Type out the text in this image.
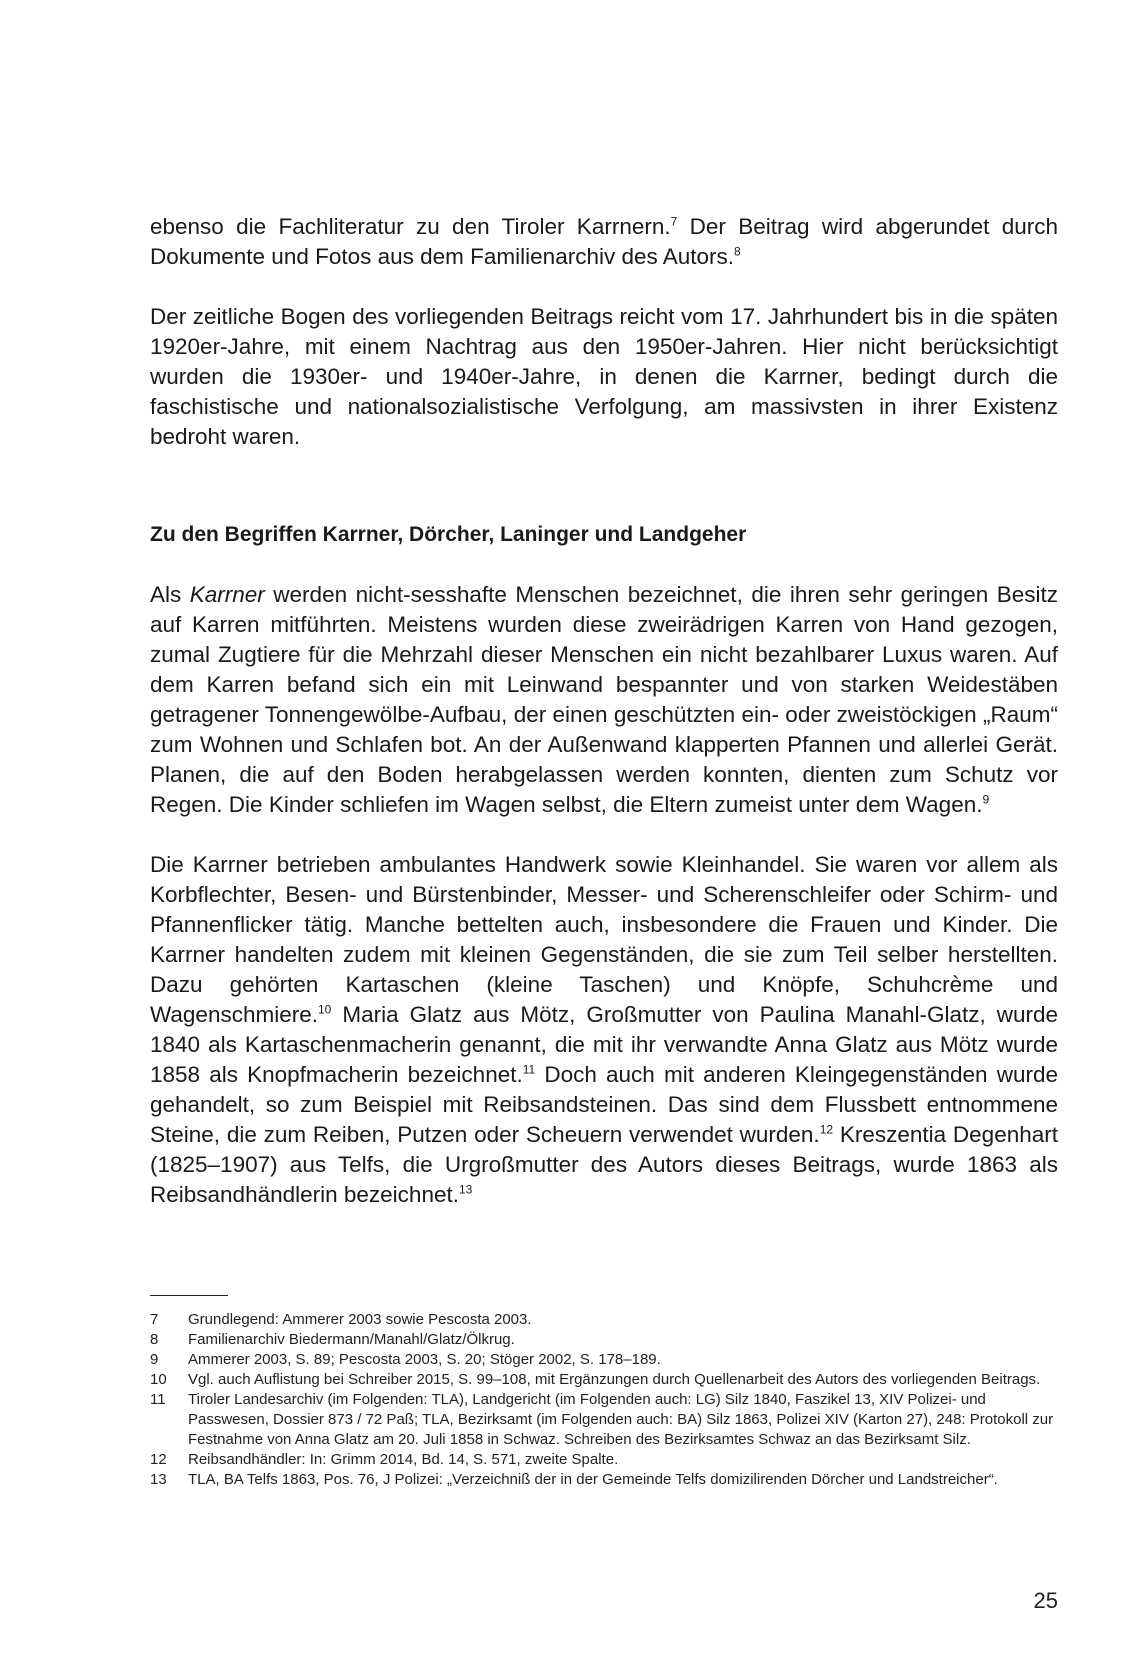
ebenso die Fachliteratur zu den Tiroler Karrnern.$^7$ Der Beitrag wird abgerundet durch Dokumente und Fotos aus dem Familienarchiv des Autors.$^8$

Der zeitliche Bogen des vorliegenden Beitrags reicht vom 17. Jahrhundert bis in die späten 1920er-Jahre, mit einem Nachtrag aus den 1950er-Jahren. Hier nicht berücksichtigt wurden die 1930er- und 1940er-Jahre, in denen die Karrner, bedingt durch die faschistische und nationalsozialistische Verfolgung, am massivsten in ihrer Existenz bedroht waren.

Zu den Begriffen Karrner, Dörcher, Laninger und Landgeher

Als Karrner werden nicht-sesshafte Menschen bezeichnet, die ihren sehr geringen Besitz auf Karren mitführten. Meistens wurden diese zweirädrigen Karren von Hand gezogen, zumal Zugtiere für die Mehrzahl dieser Menschen ein nicht bezahlbarer Luxus waren. Auf dem Karren befand sich ein mit Leinwand bespannter und von starken Weidestäben getragener Tonnengewölbe-Aufbau, der einen geschützten ein- oder zweistöckigen „Raum“ zum Wohnen und Schlafen bot. An der Außenwand klapperten Pfannen und allerlei Gerät. Planen, die auf den Boden herabgelassen werden konnten, dienten zum Schutz vor Regen. Die Kinder schliefen im Wagen selbst, die Eltern zumeist unter dem Wagen.$^9$

Die Karrner betrieben ambulantes Handwerk sowie Kleinhandel. Sie waren vor allem als Korbflechter, Besen- und Bürstenbinder, Messer- und Scherenschleifer oder Schirm- und Pfannenflicker tätig. Manche bettelten auch, insbesondere die Frauen und Kinder. Die Karrner handelten zudem mit kleinen Gegenständen, die sie zum Teil selber herstellten. Dazu gehörten Kartaschen (kleine Taschen) und Knöpfe, Schuhcrème und Wagenschmiere.$^{10}$ Maria Glatz aus Mötz, Großmutter von Paulina Manahl-Glatz, wurde 1840 als Kartaschenmacherin genannt, die mit ihr verwandte Anna Glatz aus Mötz wurde 1858 als Knopfmacherin bezeichnet.$^{11}$ Doch auch mit anderen Kleingegenständen wurde gehandelt, so zum Beispiel mit Reibsandsteinen. Das sind dem Flussbett entnommene Steine, die zum Reiben, Putzen oder Scheuern verwendet wurden.$^{12}$ Kreszentia Degenhart (1825–1907) aus Telfs, die Urgroßmutter des Autors dieses Beitrags, wurde 1863 als Reibsandhändlerin bezeichnet.$^{13}$

7	Grundlegend: Ammerer 2003 sowie Pescosta 2003.
8	Familienarchiv Biedermann/Manahl/Glatz/Ölkrug.
9	Ammerer 2003, S. 89; Pescosta 2003, S. 20; Stöger 2002, S. 178–189.
10	Vgl. auch Auflistung bei Schreiber 2015, S. 99–108, mit Ergänzungen durch Quellenarbeit des Autors des vorliegenden Beitrags.
11	Tiroler Landesarchiv (im Folgenden: TLA), Landgericht (im Folgenden auch: LG) Silz 1840, Faszikel 13, XIV Polizei- und Passwesen, Dossier 873 / 72 Paß; TLA, Bezirksamt (im Folgenden auch: BA) Silz 1863, Polizei XIV (Karton 27), 248: Protokoll zur Festnahme von Anna Glatz am 20. Juli 1858 in Schwaz. Schreiben des Bezirksamtes Schwaz an das Bezirksamt Silz.
12	Reibsandhändler: In: Grimm 2014, Bd. 14, S. 571, zweite Spalte.
13	TLA, BA Telfs 1863, Pos. 76, J Polizei: „Verzeichniß der in der Gemeinde Telfs domizilirenden Dörcher und Landstreicher“.
25
